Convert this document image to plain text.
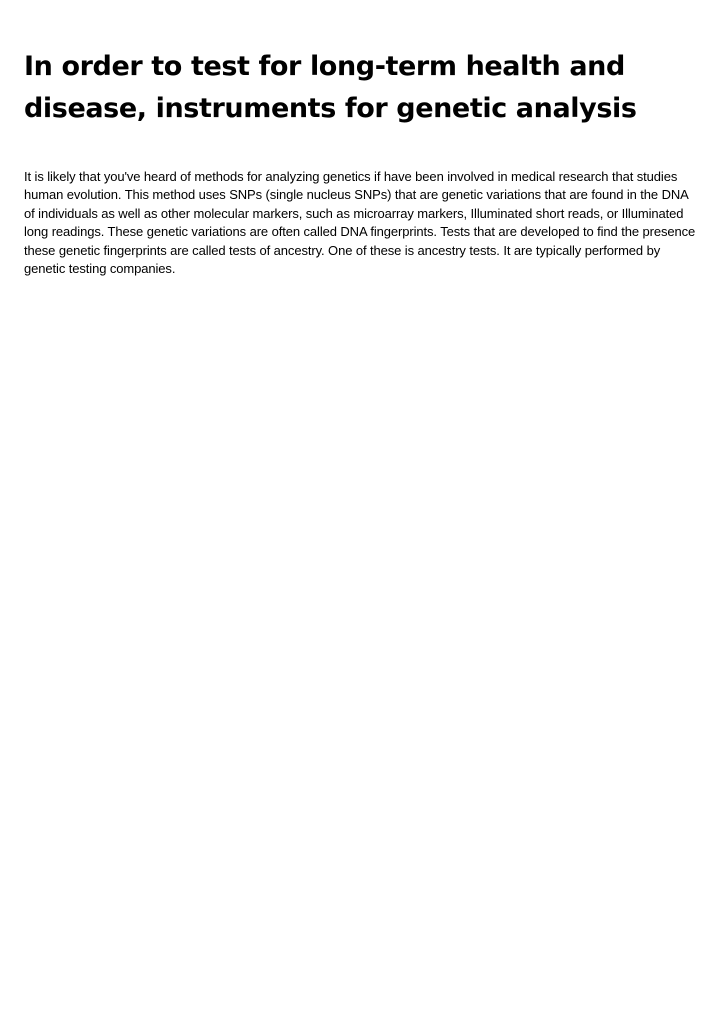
In order to test for long-term health and disease, instruments for genetic analysis

It is likely that you've heard of methods for analyzing genetics if have been involved in medical research that studies human evolution. This method uses SNPs (single nucleus SNPs) that are genetic variations that are found in the DNA of individuals as well as other molecular markers, such as microarray markers, Illuminated short reads, or Illuminated long readings. These genetic variations are often called DNA fingerprints. Tests that are developed to find the presence these genetic fingerprints are called tests of ancestry. One of these is ancestry tests. It are typically performed by genetic testing companies.
